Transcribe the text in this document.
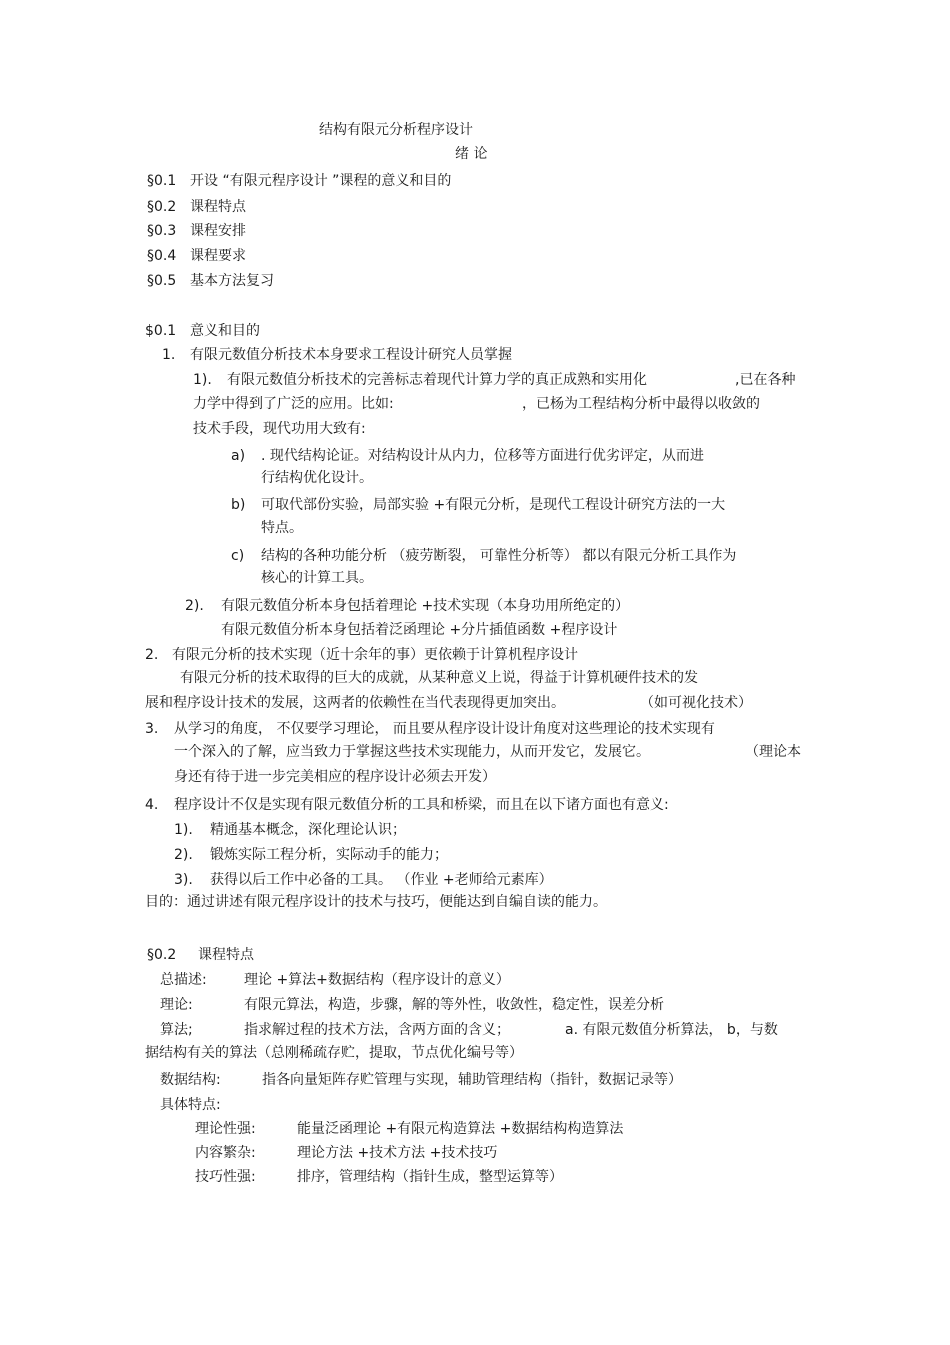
结构有限元分析程序设计
绪 论
§0.1 开设 “有限元程序设计 ”课程的意义和目的
§0.2 课程特点
§0.3 课程安排
§0.4 课程要求
§0.5 基本方法复习
$0.1 意义和目的
1. 有限元数值分析技术本身要求工程设计研究人员掌握
1). 有限元数值分析技术的完善标志着现代计算力学的真正成熟和实用化	,已在各种
力学中得到了广泛的应用。比如:	，已杨为工程结构分析中最得以收敛的
技术手段，现代功用大致有:
a) . 现代结构论证。对结构设计从内力，位移等方面进行优劣评定，从而进
行结构优化设计。
b) 可取代部份实验，局部实验 +有限元分析，是现代工程设计研究方法的一大
特点。
c) 结构的各种功能分析 （疲劳断裂， 可靠性分析等） 都以有限元分析工具作为
核心的计算工具。
2). 有限元数值分析本身包括着理论 +技术实现（本身功用所绝定的）
有限元数值分析本身包括着泛函理论 +分片插值函数 +程序设计
2. 有限元分析的技术实现（近十余年的事）更依赖于计算机程序设计
有限元分析的技术取得的巨大的成就，从某种意义上说，得益于计算机硬件技术的发
展和程序设计技术的发展，这两者的依赖性在当代表现得更加突出。	（如可视化技术）
3. 从学习的角度， 不仅要学习理论， 而且要从程序设计设计角度对这些理论的技术实现有
一个深入的了解，应当致力于掌握这些技术实现能力，从而开发它，发展它。	（理论本
身还有待于进一步完美相应的程序设计必须去开发）
4. 程序设计不仅是实现有限元数值分析的工具和桥梁，而且在以下诸方面也有意义:
1). 精通基本概念，深化理论认识；
2). 锻炼实际工程分析，实际动手的能力；
3). 获得以后工作中必备的工具。 （作业 +老师给元素库）
目的：通过讲述有限元程序设计的技术与技巧，便能达到自编自读的能力。
§0.2 课程特点
总描述:	理论 +算法+数据结构（程序设计的意义）
理论:	有限元算法，构造，步骤，解的等外性，收敛性，稳定性，误差分析
算法;	指求解过程的技术方法，含两方面的含义；	a. 有限元数值分析算法， b，与数
据结构有关的算法（总刚稀疏存贮，提取，节点优化编号等）
数据结构:	指各向量矩阵存贮管理与实现，辅助管理结构（指针，数据记录等）
具体特点:
理论性强:	能量泛函理论 +有限元构造算法 +数据结构构造算法
内容繁杂:	理论方法 +技术方法 +技术技巧
技巧性强:	排序，管理结构（指针生成，整型运算等）
